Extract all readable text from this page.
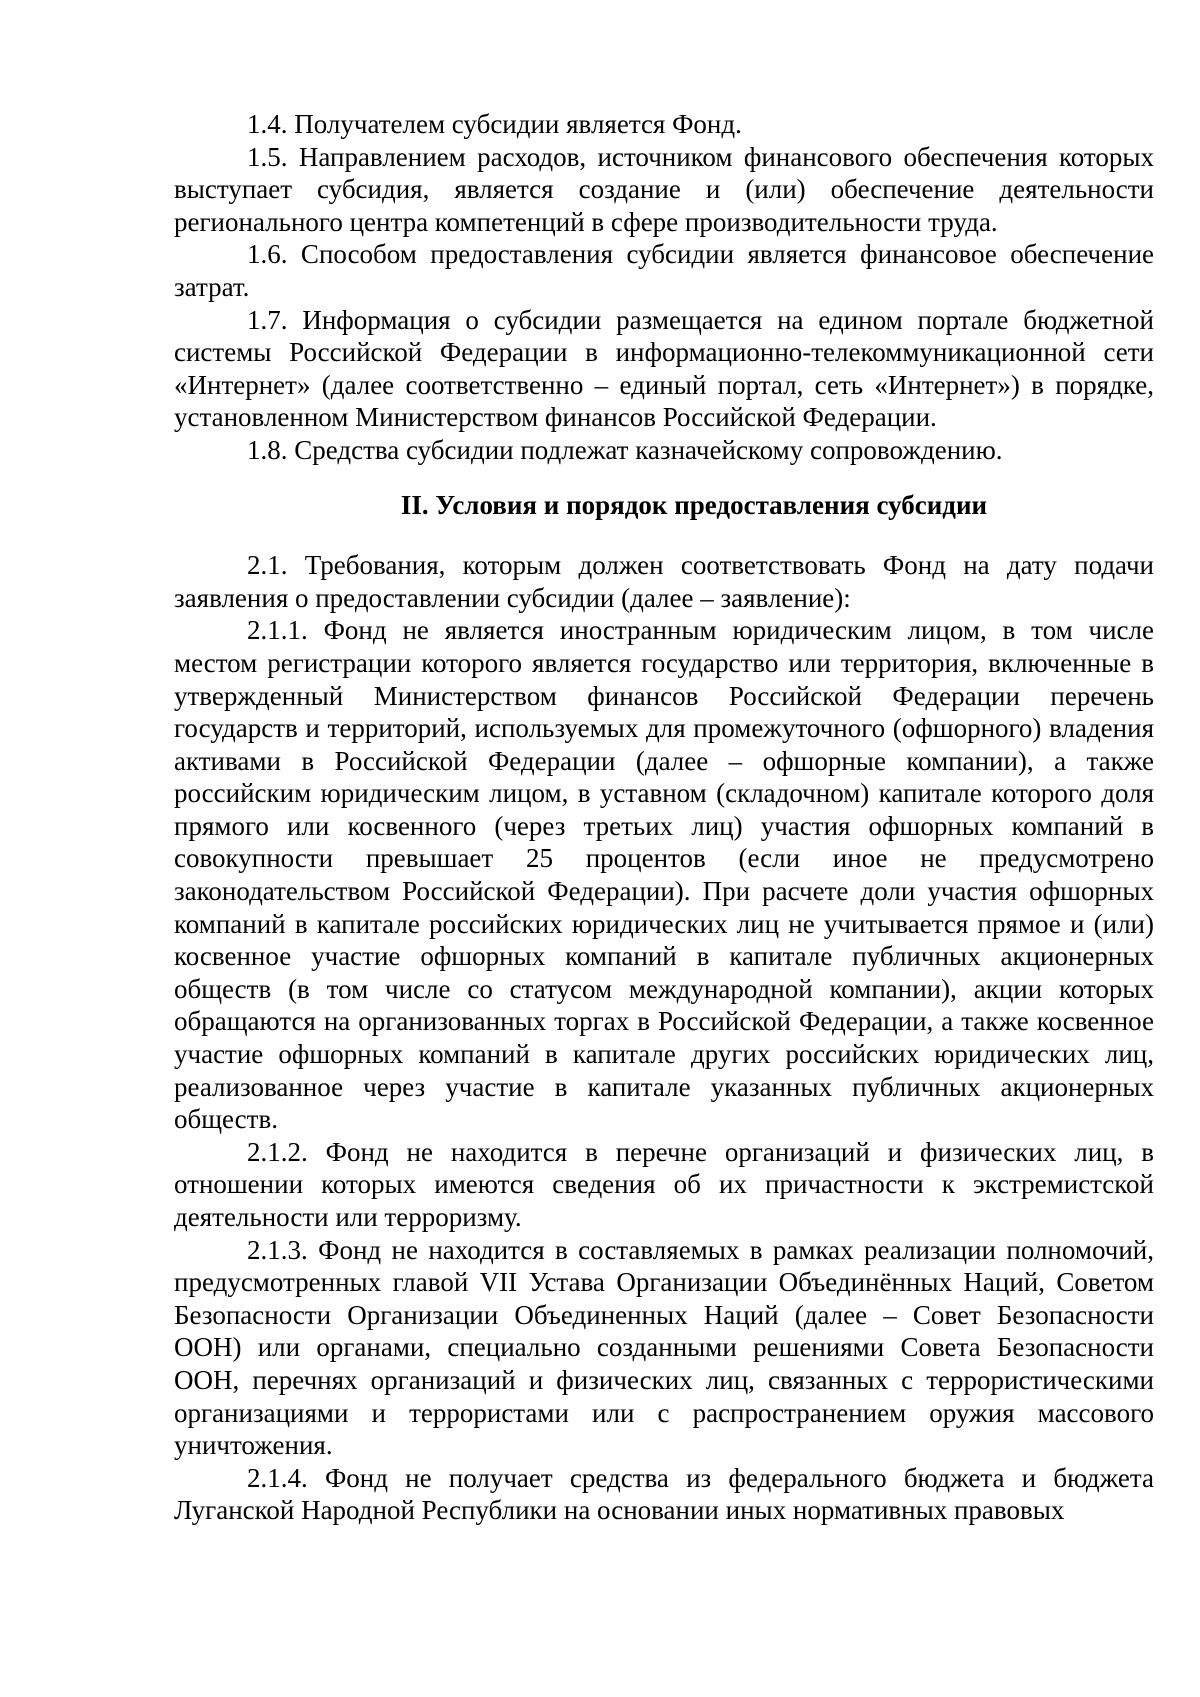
1.4. Получателем субсидии является Фонд.

1.5. Направлением расходов, источником финансового обеспечения которых выступает субсидия, является создание и (или) обеспечение деятельности регионального центра компетенций в сфере производительности труда.

1.6. Способом предоставления субсидии является финансовое обеспечение затрат.

1.7. Информация о субсидии размещается на едином портале бюджетной системы Российской Федерации в информационно-телекоммуникационной сети «Интернет» (далее соответственно – единый портал, сеть «Интернет») в порядке, установленном Министерством финансов Российской Федерации.

1.8. Средства субсидии подлежат казначейскому сопровождению.

II. Условия и порядок предоставления субсидии

2.1. Требования, которым должен соответствовать Фонд на дату подачи заявления о предоставлении субсидии (далее – заявление):

2.1.1. Фонд не является иностранным юридическим лицом, в том числе местом регистрации которого является государство или территория, включенные в утвержденный Министерством финансов Российской Федерации перечень государств и территорий, используемых для промежуточного (офшорного) владения активами в Российской Федерации (далее – офшорные компании), а также российским юридическим лицом, в уставном (складочном) капитале которого доля прямого или косвенного (через третьих лиц) участия офшорных компаний в совокупности превышает 25 процентов (если иное не предусмотрено законодательством Российской Федерации). При расчете доли участия офшорных компаний в капитале российских юридических лиц не учитывается прямое и (или) косвенное участие офшорных компаний в капитале публичных акционерных обществ (в том числе со статусом международной компании), акции которых обращаются на организованных торгах в Российской Федерации, а также косвенное участие офшорных компаний в капитале других российских юридических лиц, реализованное через участие в капитале указанных публичных акционерных обществ.

2.1.2. Фонд не находится в перечне организаций и физических лиц, в отношении которых имеются сведения об их причастности к экстремистской деятельности или терроризму.

2.1.3. Фонд не находится в составляемых в рамках реализации полномочий, предусмотренных главой VII Устава Организации Объединённых Наций, Советом Безопасности Организации Объединенных Наций (далее – Совет Безопасности ООН) или органами, специально созданными решениями Совета Безопасности ООН, перечнях организаций и физических лиц, связанных с террористическими организациями и террористами или с распространением оружия массового уничтожения.

2.1.4. Фонд не получает средства из федерального бюджета и бюджета Луганской Народной Республики на основании иных нормативных правовых
